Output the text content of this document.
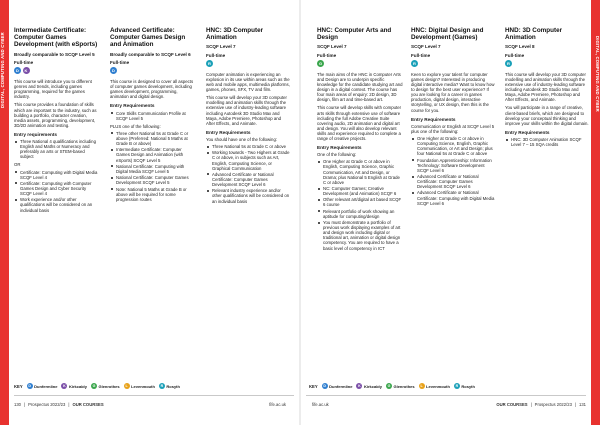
DIGITAL, COMPUTING AND CYBER	DIGITAL, COMPUTING AND CYBER
Intermediate Certificate: Computer Games Development (with eSports)
Broadly comparable to SCQF Level 5
Full-time
D	K

This course will introduce you to different genres and trends, including games programming, required for the games industry.

This course provides a foundation of skills which are important to the industry, such as building a portfolio, character creation, media assets, programming, development, 3D/2D animation and testing.

Entry requirements
Three National 4 qualifications including English and Maths or Numeracy and preferably an arts or STEM-based subject
OR
Certificate: Computing with Digital Media SCQF Level 4
Certificate: Computing with Computer Games Design and Cyber Security SCQF Level 4
Work experience and/or other qualifications will be considered on an individual basis
Advanced Certificate: Computer Games Design and Animation
Broadly comparable to SCQF Level 6
Full-time
D

This course is designed to cover all aspects of computer games development, including games development, programming, animation and digital design.

Entry Requirements
Core Skills Communication Profile at SCQF Level 5
PLUS one of the following:
Three other National 5s at Grade C or above (Preferred: National 5 Maths at Grade B or above)
Intermediate Certificate: Computer Games Design and Animation (with eSports) SCQF Level 5
National Certificate: Computing with Digital Media SCQF Level 5
National Certificate: Computer Games Development SCQF Level 5
Note: National 5 Maths at Grade B or above will be required for some progression routes
HNC: 3D Computer Animation
SCQF Level 7
Full-time
R

Computer animation is experiencing an explosion in its use within areas such as the web and mobile apps, multimedia platforms, games, phones, SFX, TV and film.

This course will develop your 3D computer modelling and animation skills through the extensive use of industry-leading software including Autodesk 3D Studio Max and Maya, Adobe Premiere, Photoshop and After Effects, and Animate.

Entry Requirements
You should have one of the following:
Three National 5s at Grade C or above
Working towards - Two Highers at Grade C or above, in subjects such as Art, English, Computing Science, or Graphical Communication
Advanced Certificate or National Certificate: Computer Games Development SCQF Level 6
Relevant industry experience and/or other qualifications will be considered on an individual basis
HNC: Computer Arts and Design
SCQF Level 7
Full-time
G

The main aims of the HNC in Computer Arts and Design are to underpin specific knowledge for the candidate studying art and design in a digital context. The course has four main areas of enquiry: 2D design, 3D design, film art and time-based art.

This course will develop skills with computer arts skills through extensive use of software including the full Adobe Creative Suite covering audio, 2D animation and digital art and design. You will also develop relevant skills and experience required to complete a range of creative projects.

Entry Requirements
One of the following:
One Higher at Grade C or above in English, Computing Science, Graphic Communication, Art and Design, or Drama; plus National 5 English at Grade C or above
NC: Computer Games; Creative Development (and Animation) SCQF 6
Other relevant art/digital art based SCQF 6 course
Relevant portfolio of work showing an aptitude for computing/design
You must demonstrate a portfolio of previous work displaying examples of art and design work including digital or traditional art, animation or digital design competency. You are required to have a basic level of competency in ICT
HNC: Digital Design and Development (Games)
SCQF Level 7
Full-time
R

Keen to explore your talent for computer games design? Interested in producing digital interactive media? Want to know how to design for the best user experience? If you are looking for a career in games production, digital design, interactive storytelling, or UX design, then this is the course for you.

Entry Requirements
Communication or English at SCQF Level 5 plus one of the following:
One Higher at Grade C or above in Computing Science, English, Graphic Communication, or Art and Design; plus four National 5s at Grade C or above
Foundation Apprenticeship: Information Technology: Software Development SCQF Level 6
Advanced Certificate or National Certificate: Computer Games Development SCQF Level 6
Advanced Certificate or National Certificate: Computing with Digital Media SCQF Level 6
HND: 3D Computer Animation
SCQF Level 8
Full-time
R

This course will develop your 3D computer modelling and animation skills through the extensive use of industry-leading software including Autodesk 3D Studio Max and Maya, Adobe Premiere, Photoshop and After Effects, and Animate.

You will participate in a range of creative, client-based briefs, which are designed to develop your conceptual thinking and improve your skills within the digital domain.

Entry Requirements
HNC: 3D Computer Animation SCQF Level 7 – 15 SQA credits
KEY	D Dunfermline	K Kirkcaldy	G Glenrothes	L Levenmouth	R Rosyth	KEY	D Dunfermline	K Kirkcaldy	G Glenrothes	L Levenmouth	R Rosyth
130 | Prospectus 2022/23 | OUR COURSES	fife.ac.uk	fife.ac.uk	OUR COURSES | Prospectus 2022/23 | 131
